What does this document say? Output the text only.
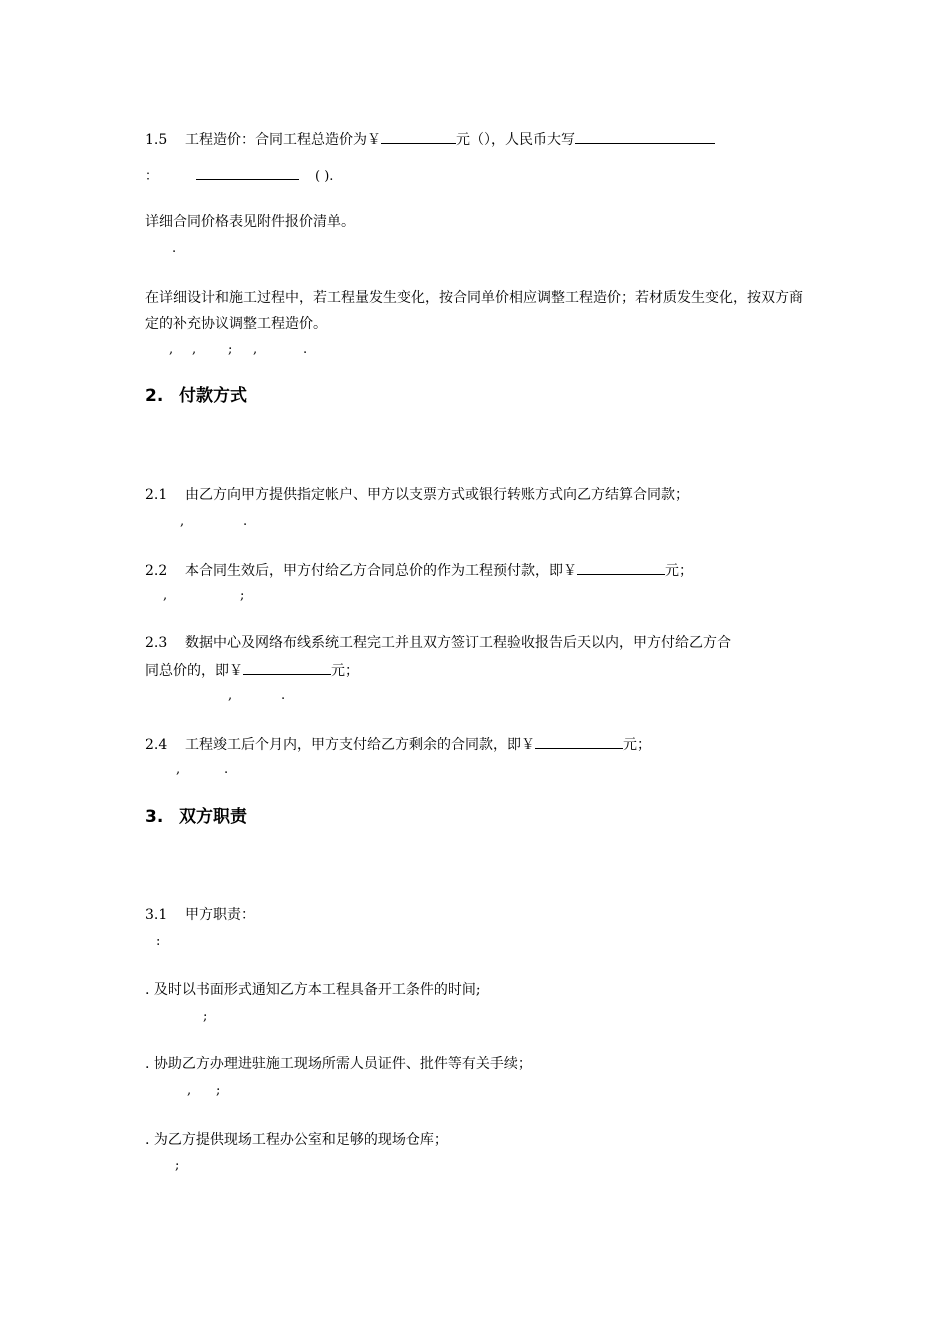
1.5 工程造价：合同工程总造价为￥	元（），人民币大写
：	( ).
详细合同价格表见附件报价清单。
.
在详细设计和施工过程中，若工程量发生变化，按合同单价相应调整工程造价；若材质发生变化，按双方商定的补充协议调整工程造价。
, , ; ,	.
2. 付款方式
2.1 由乙方向甲方提供指定帐户、甲方以支票方式或银行转账方式向乙方结算合同款；
,	.
2.2 本合同生效后，甲方付给乙方合同总价的作为工程预付款，即￥	元；
,	;
2.3 数据中心及网络布线系统工程完工并且双方签订工程验收报告后天以内，甲方付给乙方合
同总价的，即￥	元；
,	.
2.4 工程竣工后个月内，甲方支付给乙方剩余的合同款，即￥	元；
,	.
3. 双方职责
3.1 甲方职责：
:
. 及时以书面形式通知乙方本工程具备开工条件的时间;
;
. 协助乙方办理进驻施工现场所需人员证件、批件等有关手续；
, ;
. 为乙方提供现场工程办公室和足够的现场仓库；
;
